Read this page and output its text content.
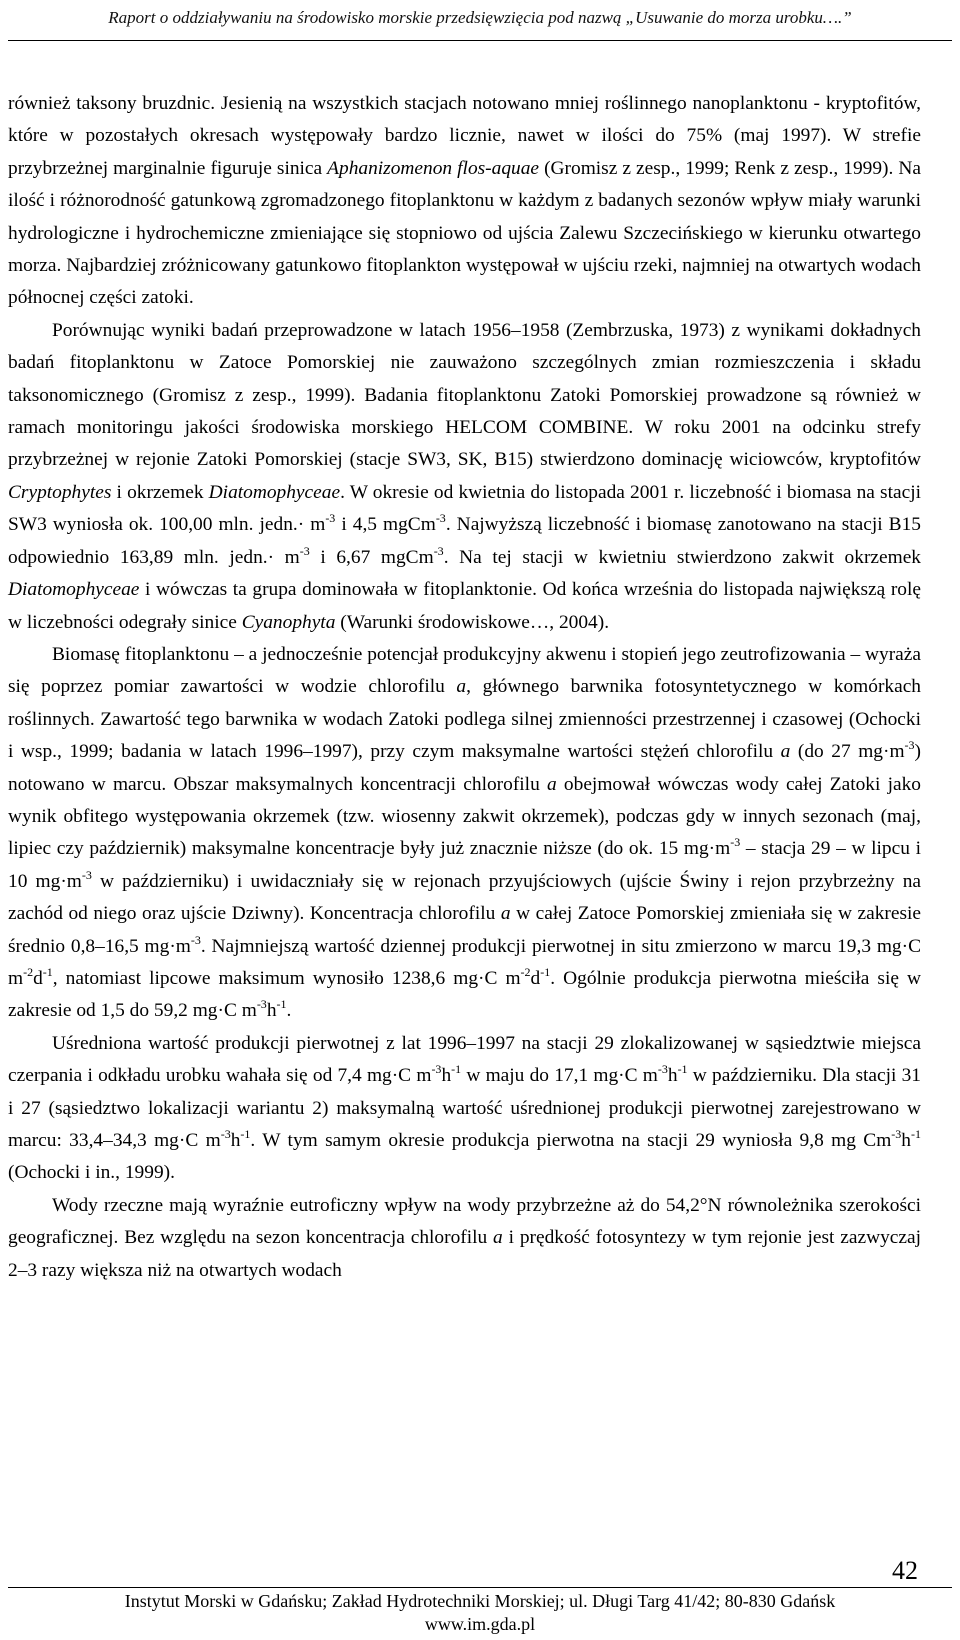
Raport o oddziaływaniu na środowisko morskie przedsięwzięcia pod nazwą „Usuwanie do morza urobku….”

również taksony bruzdnic. Jesienią na wszystkich stacjach notowano mniej roślinnego nanoplanktonu - kryptofitów, które w pozostałych okresach występowały bardzo licznie, nawet w ilości do 75% (maj 1997). W strefie przybrzeżnej marginalnie figuruje sinica Aphanizomenon flos-aquae (Gromisz z zesp., 1999; Renk z zesp., 1999). Na ilość i różnorodność gatunkową zgromadzonego fitoplanktonu w każdym z badanych sezonów wpływ miały warunki hydrologiczne i hydrochemiczne zmieniające się stopniowo od ujścia Zalewu Szczecińskiego w kierunku otwartego morza. Najbardziej zróżnicowany gatunkowo fitoplankton występował w ujściu rzeki, najmniej na otwartych wodach północnej części zatoki.

Porównując wyniki badań przeprowadzone w latach 1956–1958 (Zembrzuska, 1973) z wynikami dokładnych badań fitoplanktonu w Zatoce Pomorskiej nie zauważono szczególnych zmian rozmieszczenia i składu taksonomicznego (Gromisz z zesp., 1999). Badania fitoplanktonu Zatoki Pomorskiej prowadzone są również w ramach monitoringu jakości środowiska morskiego HELCOM COMBINE. W roku 2001 na odcinku strefy przybrzeżnej w rejonie Zatoki Pomorskiej (stacje SW3, SK, B15) stwierdzono dominację wiciowców, kryptofitów Cryptophytes i okrzemek Diatomophyceae. W okresie od kwietnia do listopada 2001 r. liczebność i biomasa na stacji SW3 wyniosła ok. 100,00 mln. jedn.· $m^{-3}$ i 4,5 mgCm$^{-3}$. Najwyższą liczebność i biomasę zanotowano na stacji B15 odpowiednio 163,89 mln. jedn.· $m^{-3}$ i 6,67 mgCm$^{-3}$. Na tej stacji w kwietniu stwierdzono zakwit okrzemek Diatomophyceae i wówczas ta grupa dominowała w fitoplanktonie. Od końca września do listopada największą rolę w liczebności odegrały sinice Cyanophyta (Warunki środowiskowe…, 2004).

Biomasę fitoplanktonu – a jednocześnie potencjał produkcyjny akwenu i stopień jego zeutrofizowania – wyraża się poprzez pomiar zawartości w wodzie chlorofilu a, głównego barwnika fotosyntetycznego w komórkach roślinnych. Zawartość tego barwnika w wodach Zatoki podlega silnej zmienności przestrzennej i czasowej (Ochocki i wsp., 1999; badania w latach 1996–1997), przy czym maksymalne wartości stężeń chlorofilu a (do 27 $mg\cdot m^{-3}$) notowano w marcu. Obszar maksymalnych koncentracji chlorofilu a obejmował wówczas wody całej Zatoki jako wynik obfitego występowania okrzemek (tzw. wiosenny zakwit okrzemek), podczas gdy w innych sezonach (maj, lipiec czy październik) maksymalne koncentracje były już znacznie niższe (do ok. 15 $mg\cdot m^{-3}$ – stacja 29 – w lipcu i 10 $mg\cdot m^{-3}$ w październiku) i uwidaczniały się w rejonach przyujściowych (ujście Świny i rejon przybrzeżny na zachód od niego oraz ujście Dziwny). Koncentracja chlorofilu a w całej Zatoce Pomorskiej zmieniała się w zakresie średnio 0,8–16,5 $mg\cdot m^{-3}$. Najmniejszą wartość dziennej produkcji pierwotnej in situ zmierzono w marcu 19,3 mg·C $m^{-2}d^{-1}$, natomiast lipcowe maksimum wynosiło 1238,6 mg·C $m^{-2}d^{-1}$. Ogólnie produkcja pierwotna mieściła się w zakresie od 1,5 do 59,2 mg·C $m^{-3}h^{-1}$.

Uśredniona wartość produkcji pierwotnej z lat 1996–1997 na stacji 29 zlokalizowanej w sąsiedztwie miejsca czerpania i odkładu urobku wahała się od 7,4 mg·C $m^{-3}h^{-1}$ w maju do 17,1 mg·C $m^{-3}h^{-1}$ w październiku. Dla stacji 31 i 27 (sąsiedztwo lokalizacji wariantu 2) maksymalną wartość uśrednionej produkcji pierwotnej zarejestrowano w marcu: 33,4–34,3 mg·C $m^{-3}h^{-1}$. W tym samym okresie produkcja pierwotna na stacji 29 wyniosła 9,8 mg $Cm^{-3}h^{-1}$ (Ochocki i in., 1999).

Wody rzeczne mają wyraźnie eutroficzny wpływ na wody przybrzeżne aż do 54,2°N równoleżnika szerokości geograficznej. Bez względu na sezon koncentracja chlorofilu a i prędkość fotosyntezy w tym rejonie jest zazwyczaj 2–3 razy większa niż na otwartych wodach

42
Instytut Morski w Gdańsku; Zakład Hydrotechniki Morskiej; ul. Długi Targ 41/42; 80-830 Gdańsk
www.im.gda.pl
